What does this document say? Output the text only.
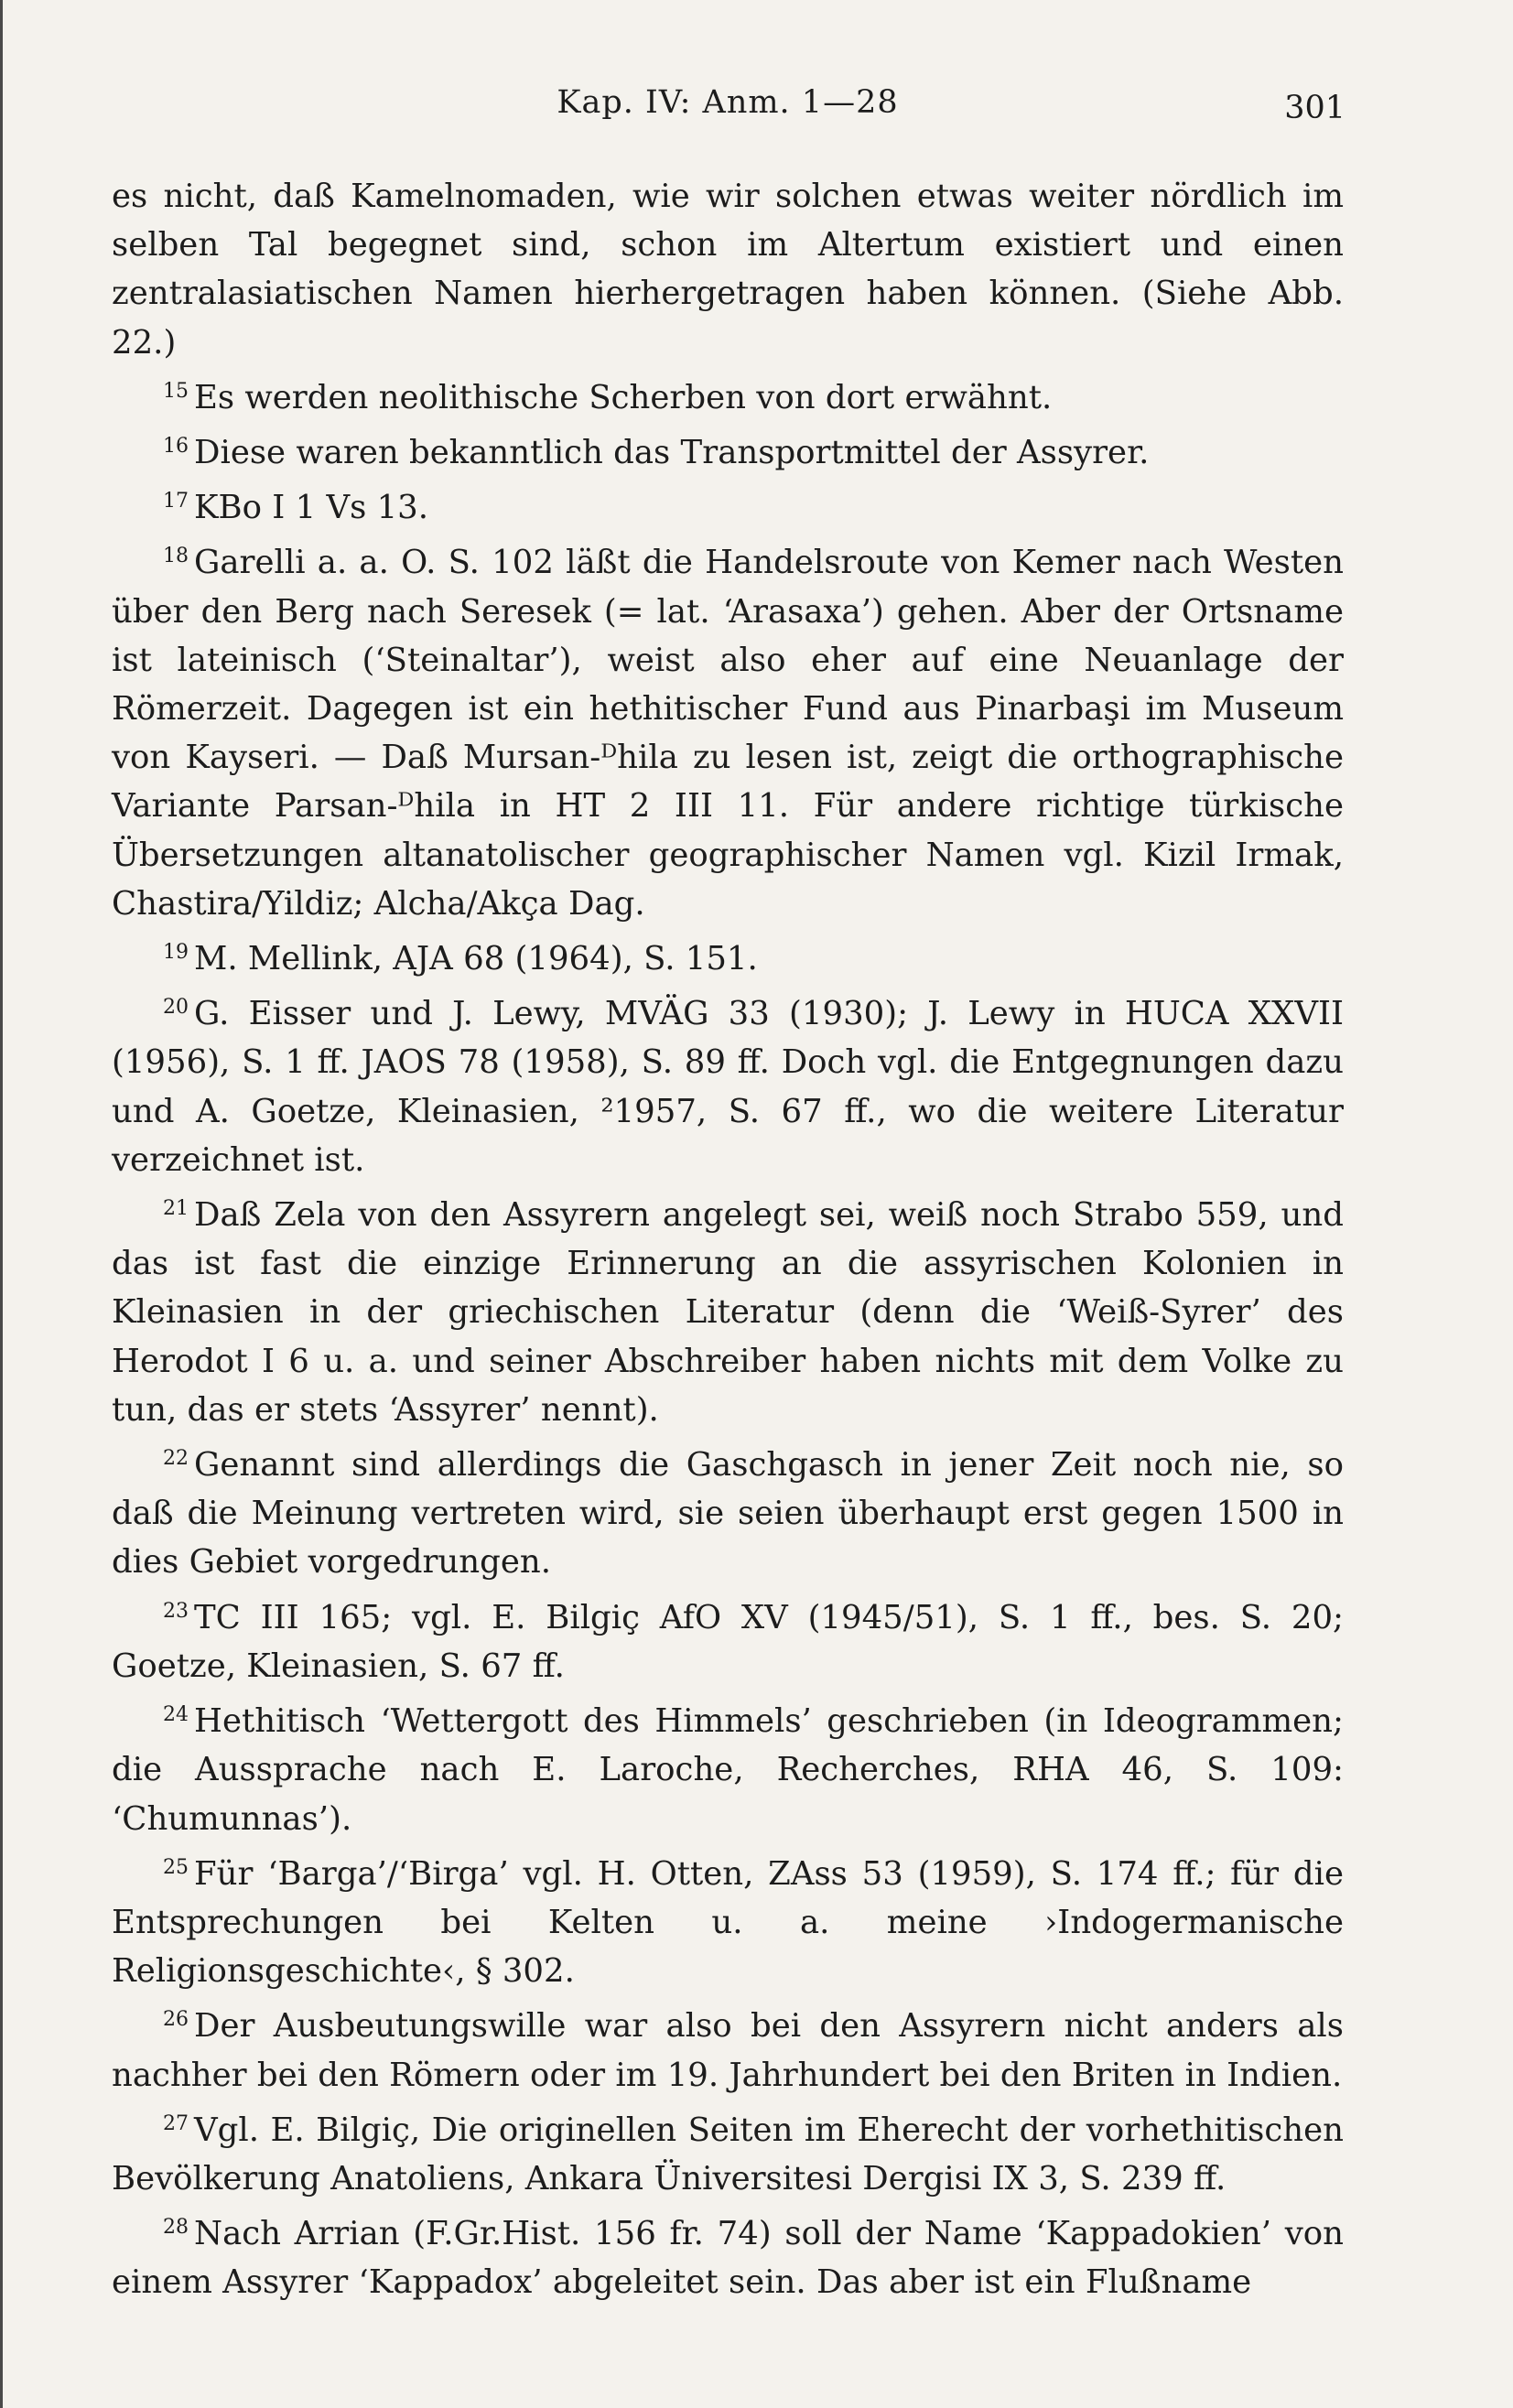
Kap. IV: Anm. 1—28	301

es nicht, daß Kamelnomaden, wie wir solchen etwas weiter nördlich im selben Tal begegnet sind, schon im Altertum existiert und einen zentralasiatischen Namen hierhergetragen haben können. (Siehe Abb. 22.)

$^{15}$ Es werden neolithische Scherben von dort erwähnt.

$^{16}$ Diese waren bekanntlich das Transportmittel der Assyrer.

$^{17}$ KBo I 1 Vs 13.

$^{18}$ Garelli a. a. O. S. 102 läßt die Handelsroute von Kemer nach Westen über den Berg nach Seresek (= lat. ‘Arasaxa’) gehen. Aber der Ortsname ist lateinisch (‘Steinaltar’), weist also eher auf eine Neuanlage der Römerzeit. Dagegen ist ein hethitischer Fund aus Pinarbaşi im Museum von Kayseri. — Daß Mursan-ᴰhila zu lesen ist, zeigt die orthographische Variante Parsan-ᴰhila in HT 2 III 11. Für andere richtige türkische Übersetzungen altanatolischer geographischer Namen vgl. Kizil Irmak, Chastira/Yildiz; Alcha/Akça Dag.

$^{19}$ M. Mellink, AJA 68 (1964), S. 151.

$^{20}$ G. Eisser und J. Lewy, MVÄG 33 (1930); J. Lewy in HUCA XXVII (1956), S. 1 ff. JAOS 78 (1958), S. 89 ff. Doch vgl. die Entgegnungen dazu und A. Goetze, Kleinasien, ²1957, S. 67 ff., wo die weitere Literatur verzeichnet ist.

$^{21}$ Daß Zela von den Assyrern angelegt sei, weiß noch Strabo 559, und das ist fast die einzige Erinnerung an die assyrischen Kolonien in Kleinasien in der griechischen Literatur (denn die ‘Weiß-Syrer’ des Herodot I 6 u. a. und seiner Abschreiber haben nichts mit dem Volke zu tun, das er stets ‘Assyrer’ nennt).

$^{22}$ Genannt sind allerdings die Gaschgasch in jener Zeit noch nie, so daß die Meinung vertreten wird, sie seien überhaupt erst gegen 1500 in dies Gebiet vorgedrungen.

$^{23}$ TC III 165; vgl. E. Bilgiç AfO XV (1945/51), S. 1 ff., bes. S. 20; Goetze, Kleinasien, S. 67 ff.

$^{24}$ Hethitisch ‘Wettergott des Himmels’ geschrieben (in Ideogrammen; die Aussprache nach E. Laroche, Recherches, RHA 46, S. 109: ‘Chumunnas’).

$^{25}$ Für ‘Barga’/‘Birga’ vgl. H. Otten, ZAss 53 (1959), S. 174 ff.; für die Entsprechungen bei Kelten u. a. meine ›Indogermanische Religionsgeschichte‹, § 302.

$^{26}$ Der Ausbeutungswille war also bei den Assyrern nicht anders als nachher bei den Römern oder im 19. Jahrhundert bei den Briten in Indien.

$^{27}$ Vgl. E. Bilgiç, Die originellen Seiten im Eherecht der vorhethitischen Bevölkerung Anatoliens, Ankara Üniversitesi Dergisi IX 3, S. 239 ff.

$^{28}$ Nach Arrian (F.Gr.Hist. 156 fr. 74) soll der Name ‘Kappadokien’ von einem Assyrer ‘Kappadox’ abgeleitet sein. Das aber ist ein Flußname
